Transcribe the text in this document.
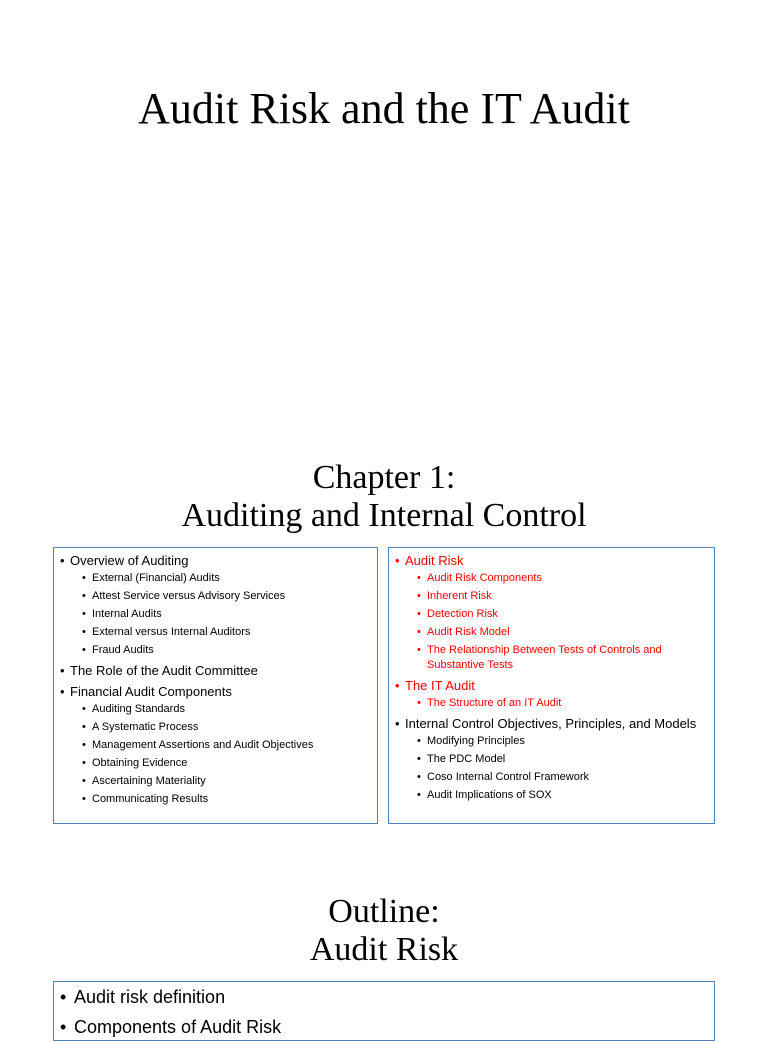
Audit Risk and the IT Audit
Chapter 1:
Auditing and Internal Control
• Overview of Auditing
• External (Financial) Audits
• Attest Service versus Advisory Services
• Internal Audits
• External versus Internal Auditors
• Fraud Audits
• The Role of the Audit Committee
• Financial Audit Components
• Auditing Standards
• A Systematic Process
• Management Assertions and Audit Objectives
• Obtaining Evidence
• Ascertaining Materiality
• Communicating Results
• Audit Risk
• Audit Risk Components
• Inherent Risk
• Detection Risk
• Audit Risk Model
• The Relationship Between Tests of Controls and Substantive Tests
• The IT Audit
• The Structure of an IT Audit
• Internal Control Objectives, Principles, and Models
• Modifying Principles
• The PDC Model
• Coso Internal Control Framework
• Audit Implications of SOX
Outline:
Audit Risk
• Audit risk definition
• Components of Audit Risk
